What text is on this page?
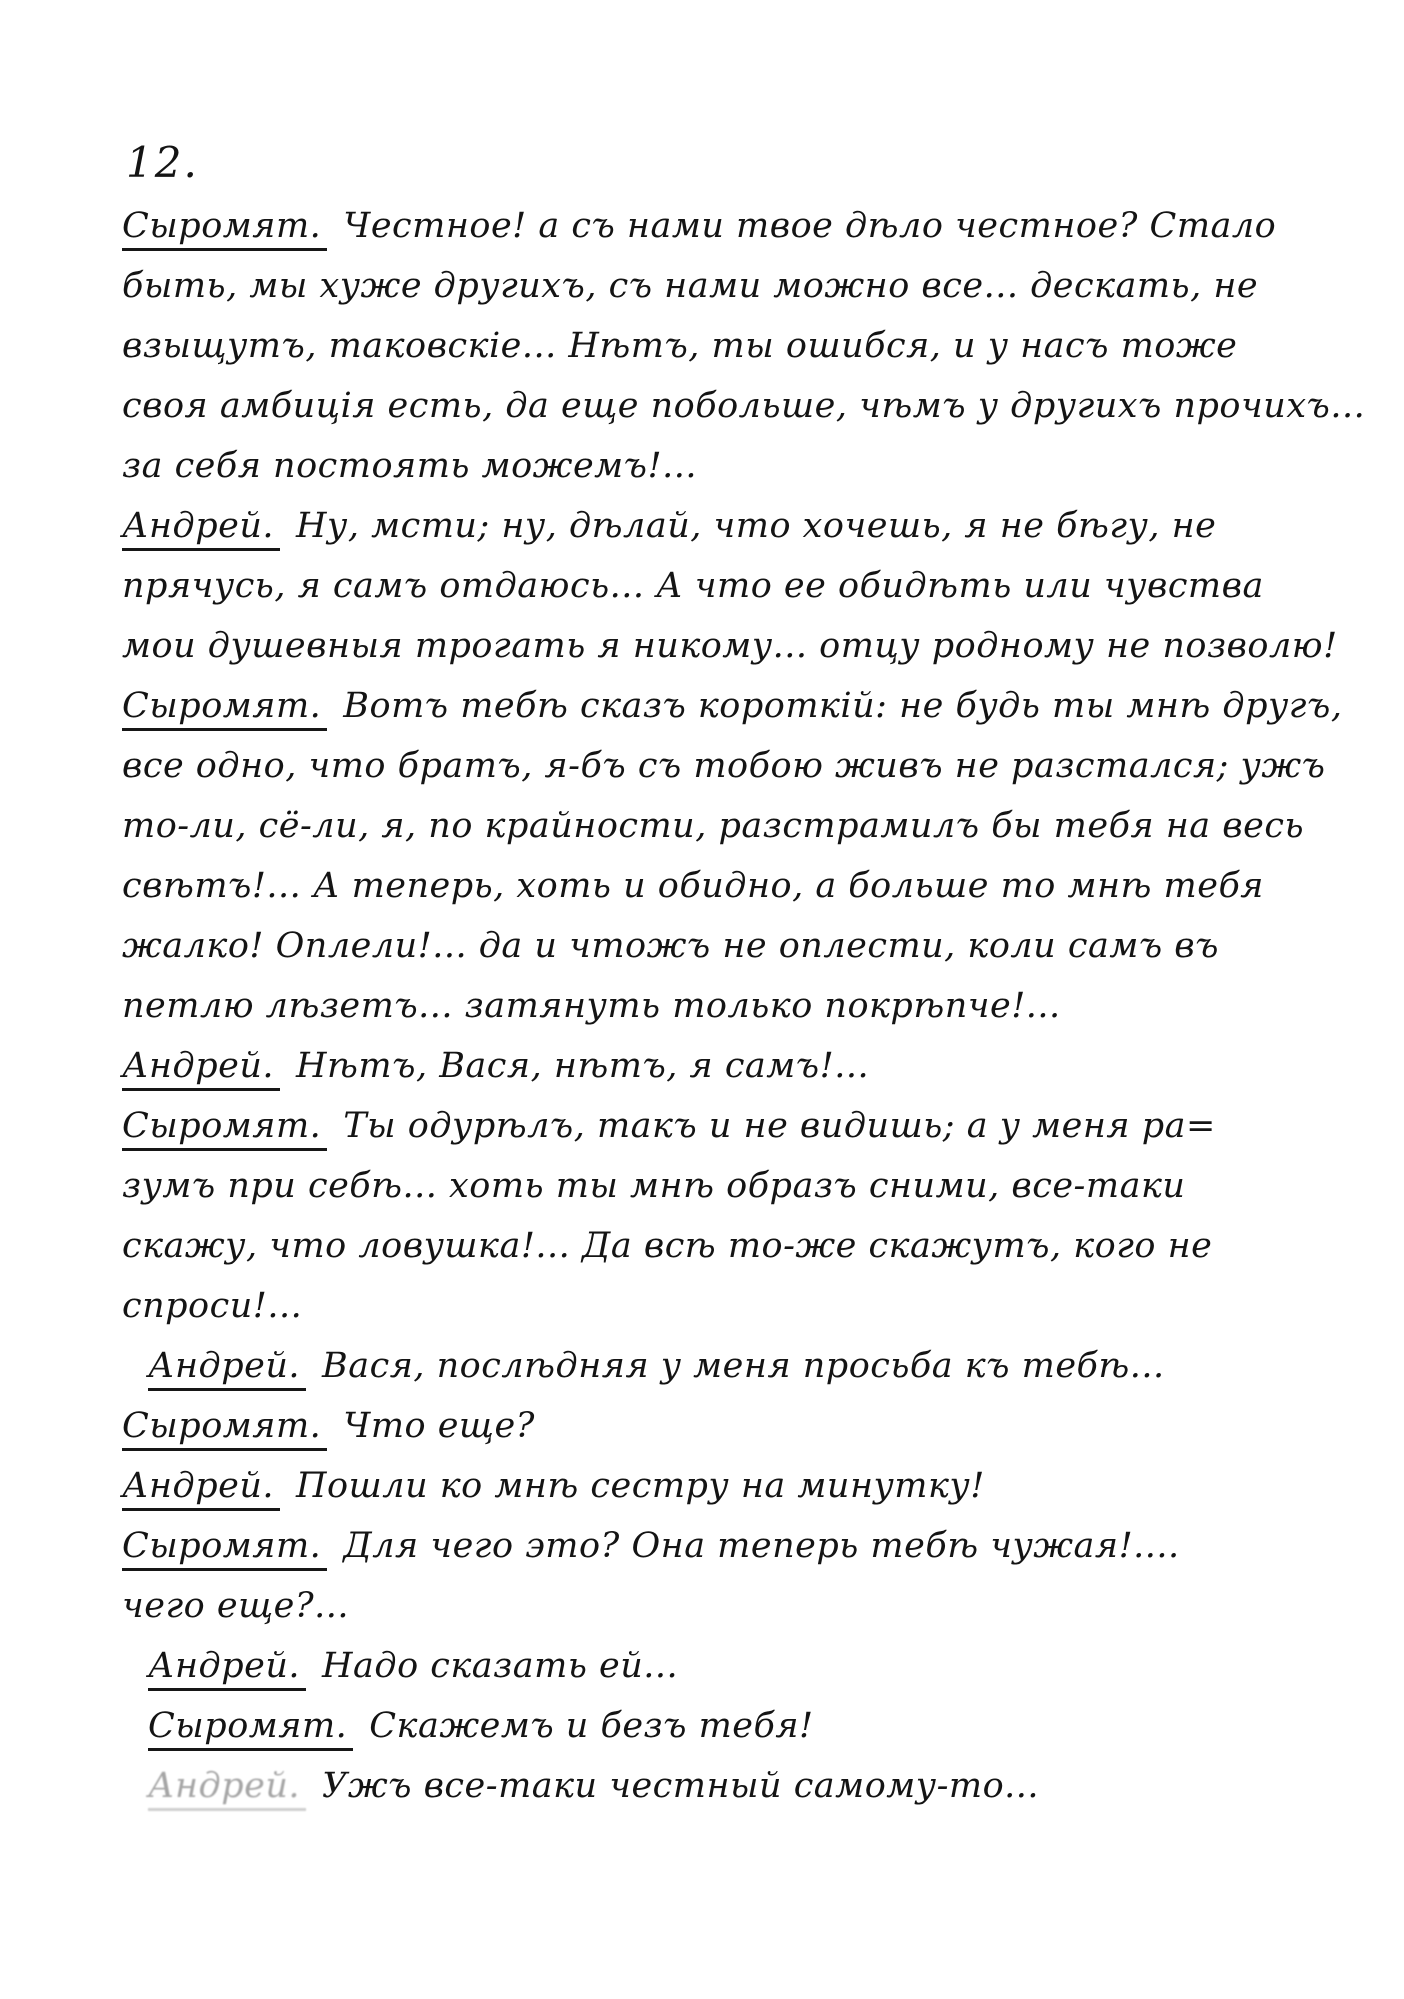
12.
Сыромят. Честное! а съ нами твое дѣло честное? Стало
быть, мы хуже другихъ, съ нами можно все... дескать, не
взыщутъ, таковскіе... Нѣтъ, ты ошибся, и у насъ тоже
своя амбиція есть, да еще побольше, чѣмъ у другихъ прочихъ...
за себя постоять можемъ!...
Андрей. Ну, мсти; ну, дѣлай, что хочешь, я не бѣгу, не
прячусь, я самъ отдаюсь... А что ее обидѣть или чувства
мои душевныя трогать я никому... отцу родному не позволю!
Сыромят. Вотъ тебѣ сказъ короткій: не будь ты мнѣ другъ,
все одно, что братъ, я-бъ съ тобою живъ не разстался; ужъ
то-ли, сё-ли, я, по крайности, разстрамилъ бы тебя на весь
свѣтъ!... А теперь, хоть и обидно, а больше то мнѣ тебя
жалко! Оплели!... да и чтожъ не оплести, коли самъ въ
петлю лѣзетъ... затянуть только покрѣпче!...
Андрей. Нѣтъ, Вася, нѣтъ, я самъ!...
Сыромят. Ты одурѣлъ, такъ и не видишь; а у меня ра=
зумъ при себѣ... хоть ты мнѣ образъ сними, все-таки
скажу, что ловушка!... Да всѣ то-же скажутъ, кого не
спроси!...
Андрей. Вася, послѣдняя у меня просьба къ тебѣ...
Сыромят. Что еще?
Андрей. Пошли ко мнѣ сестру на минутку!
Сыромят. Для чего это? Она теперь тебѣ чужая!....
чего еще?...
Андрей. Надо сказать ей...
Сыромят. Скажемъ и безъ тебя!
Андрей. Ужъ все-таки честный самому-то...
